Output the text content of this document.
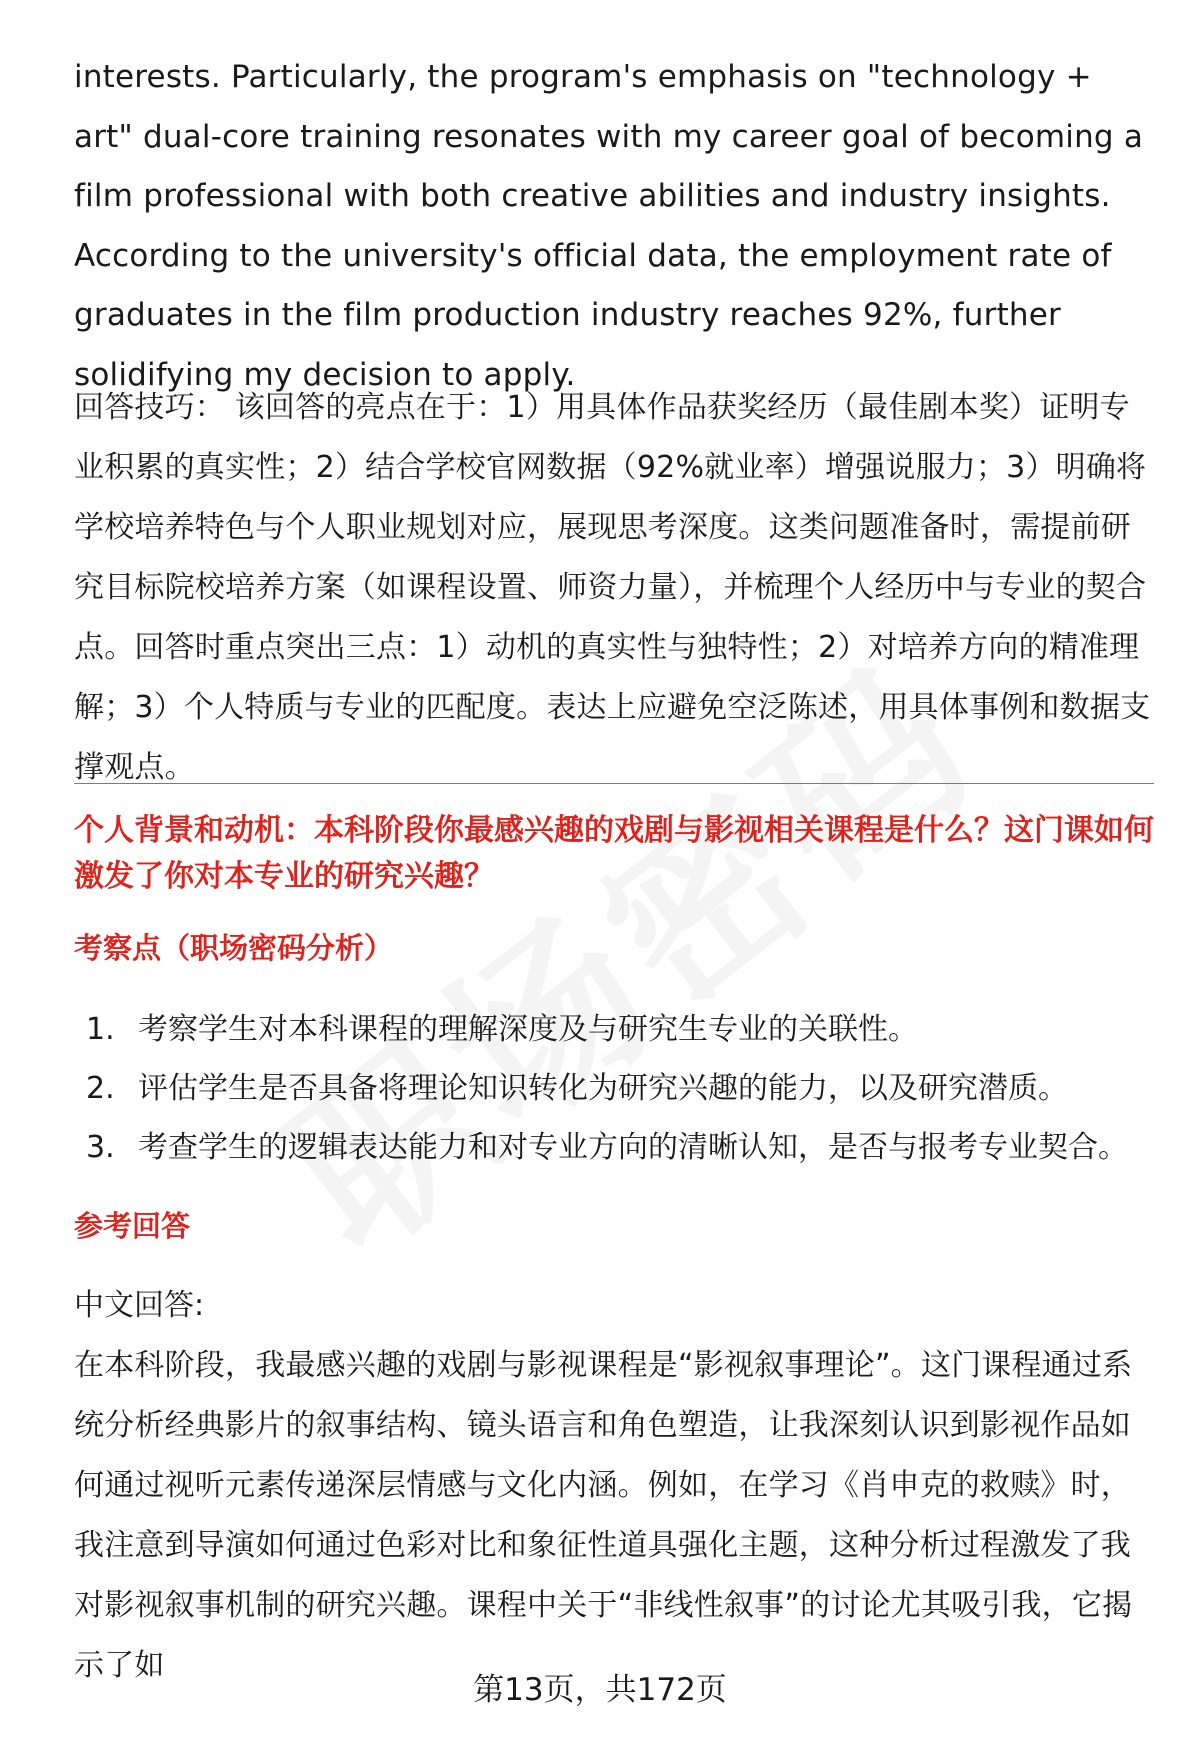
interests. Particularly, the program's emphasis on "technology + art" dual-core training resonates with my career goal of becoming a film professional with both creative abilities and industry insights. According to the university's official data, the employment rate of graduates in the film production industry reaches 92%, further solidifying my decision to apply.

回答技巧： 该回答的亮点在于：1）用具体作品获奖经历（最佳剧本奖）证明专业积累的真实性；2）结合学校官网数据（92%就业率）增强说服力；3）明确将学校培养特色与个人职业规划对应，展现思考深度。这类问题准备时，需提前研究目标院校培养方案（如课程设置、师资力量），并梳理个人经历中与专业的契合点。回答时重点突出三点：1）动机的真实性与独特性；2）对培养方向的精准理解；3）个人特质与专业的匹配度。表达上应避免空泛陈述，用具体事例和数据支撑观点。

个人背景和动机：本科阶段你最感兴趣的戏剧与影视相关课程是什么？这门课如何激发了你对本专业的研究兴趣？
考察点（职场密码分析）
1. 考察学生对本科课程的理解深度及与研究生专业的关联性。
2. 评估学生是否具备将理论知识转化为研究兴趣的能力，以及研究潜质。
3. 考查学生的逻辑表达能力和对专业方向的清晰认知，是否与报考专业契合。
参考回答
中文回答:

在本科阶段，我最感兴趣的戏剧与影视课程是“影视叙事理论”。这门课程通过系统分析经典影片的叙事结构、镜头语言和角色塑造，让我深刻认识到影视作品如何通过视听元素传递深层情感与文化内涵。例如，在学习《肖申克的救赎》时，我注意到导演如何通过色彩对比和象征性道具强化主题，这种分析过程激发了我对影视叙事机制的研究兴趣。课程中关于“非线性叙事”的讨论尤其吸引我，它揭示了如

第13页，共172页
